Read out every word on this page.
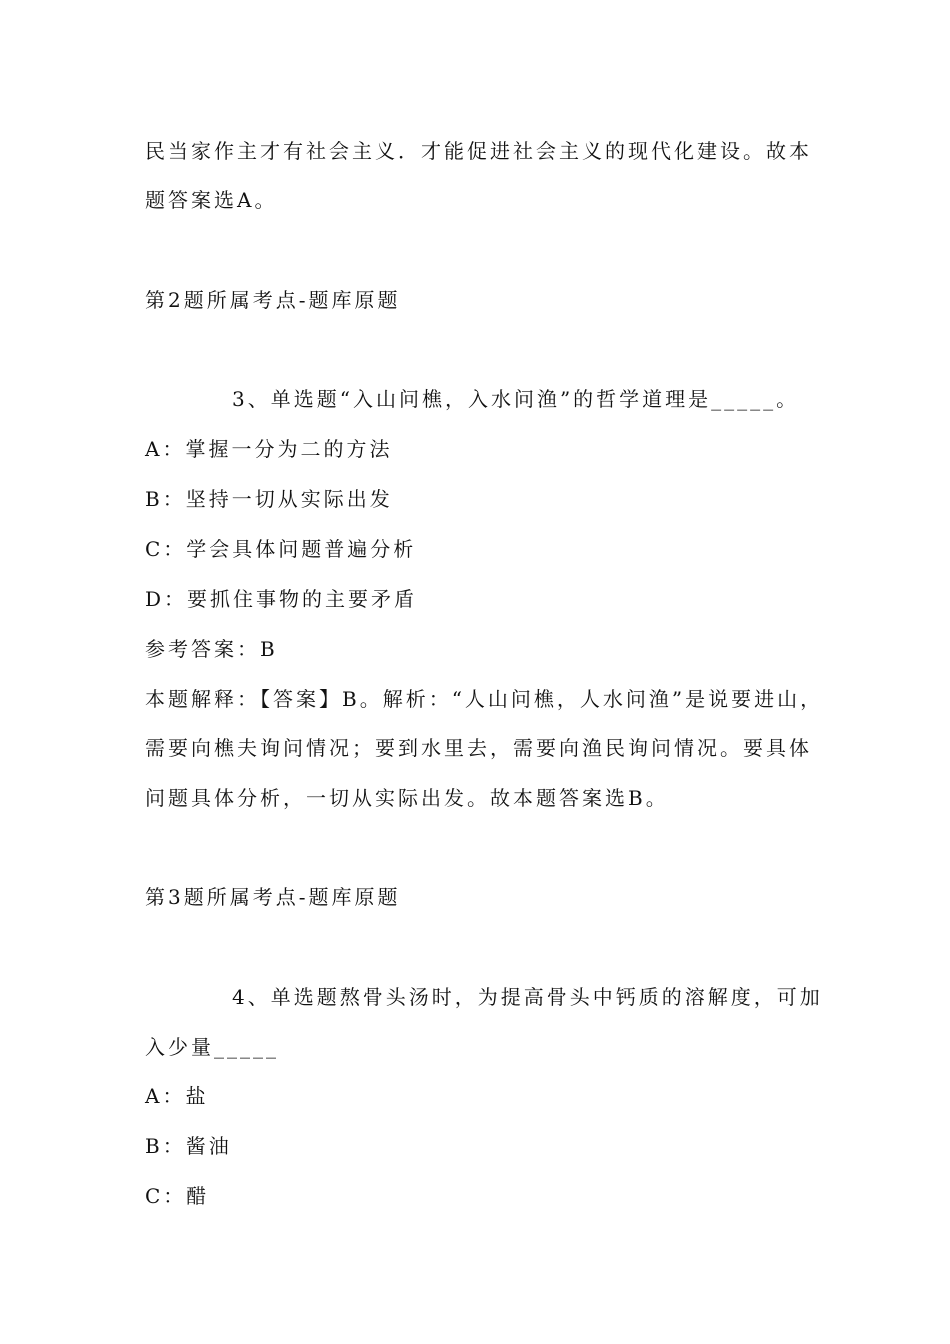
民当家作主才有社会主义．才能促进社会主义的现代化建设。故本
题答案选A。
第2题所属考点-题库原题
3、单选题“入山问樵，入水问渔”的哲学道理是_____。
A：掌握一分为二的方法
B：坚持一切从实际出发
C：学会具体问题普遍分析
D：要抓住事物的主要矛盾
参考答案：B
本题解释：【答案】B。解析：“人山问樵，人水问渔”是说要进山，
需要向樵夫询问情况；要到水里去，需要向渔民询问情况。要具体
问题具体分析，一切从实际出发。故本题答案选B。
第3题所属考点-题库原题
4、单选题熬骨头汤时，为提高骨头中钙质的溶解度，可加
入少量_____
A：盐
B：酱油
C：醋
